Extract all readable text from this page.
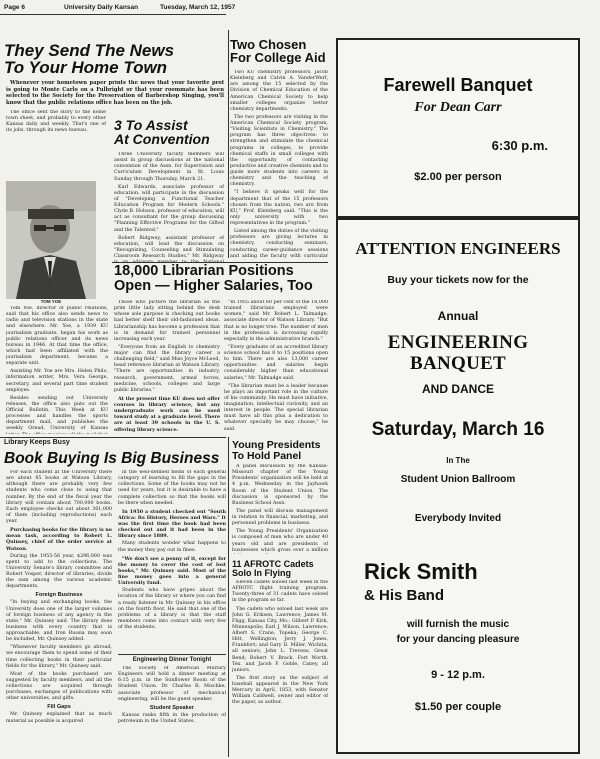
Page 6	University Daily Kansan	Tuesday, March 12, 1957
They Send The News
To Your Home Town

Whenever your hometown paper prints the news that your favorite prof is going to Monte Carlo on a Fulbright or that your roommate has been selected to the Society for the Preservation of Barbershop Singing, you'll know that the public relations office has been on the job.

The office sent the story to the home town sheet, and probably to every other Kansas daily and weekly. That's one of its jobs, through its news bureau.

TOM YOE

Tom Yoe, director of public relations, said that his office also sends news to radio and television stations in the state and elsewhere. Mr. Yoe, a 1939 KU journalism graduate, began his work as public relations officer and its news bureau in 1946. At that time the office, which had been affiliated with the journalism department, became a separate unit.

Assisting Mr. Yoe are Mrs. Helen Philo, information writer, Mrs. Vera George, secretary, and several part time student employes.

Besides sending out University releases, the office also puts out the Official Bulletin. This Week at KU processes and handles the sports department mail, and publishes the weekly Oread, University of Kansas

3 To Assist
At Convention

Three University faculty members will assist in group discussions at the national convention of the Assn. for Supervision and Curriculum Development in St. Louis Sunday through Thursday, March 21.

Karl Edwards, associate professor of education, will participate in the discussion of "Developing a Functional Teacher Education Program for Modern Schools." Clyde B. Hobson, professor of education, will act as consultant for the group discussing "Planning Effective Programs for the Gifted and the Talented."

Robert Ridgway, assistant professor of education, will lead the discussion on "Recognizing, Counseling and Stimulating Classroom Research Studies." Mr. Ridgway

Two Chosen
For College Aid

Two KU chemistry professors, Jacob Kleinberg and Calvin A. VanderWerf, are among the 15 selected by the Division of Chemical Education of the American Chemical Society to help smaller colleges organize better chemistry departments.

The two professors are visiting in the American Chemical Society program, "Visiting Scientists in Chemistry." The program has three objectives: to strengthen and stimulate the chemical programs in colleges, to provide chemical staffs in small colleges with the opportunity of contacting productive and creative chemists and to guide more students into careers in chemistry and the teaching of chemistry.

"I believe it speaks well for the department that of the 15 professors chosen from the nation, two are from KU," Prof. Kleinberg said. "This is the only university with two representatives in the program."

Listed among the duties of the visiting professors are giving lectures in chemistry, conducting seminars, conducting career-guidance sessions and aiding the faculty with curricular

18,000 Librarian Positions
Open — Higher Salaries, Too

Those who picture the librarian as the prim little lady sitting behind the desk whose sole purpose is checking out books had better shelf their old-fashioned ideas. Librarianship has become a profession that is in demand for trained personnel increasing each year.

"Everyone from an English to chemistry major can find the library career a challenging field," said Miss Joyce McLeod, head reference librarian at Watson Library. "There are opportunities in industry, research, government, armed forces, medicine, schools, colleges and large public libraries."

At the present time KU does not offer courses in library science, but any undergraduate work can be used toward study at a graduate level. There are at least 39 schools in the U. S. offering library science.

"In 1955 about 60 per cent of the 18,000 trained librarians employed were women," said Mr. Robert L. Talmadge, associate director of Watson Library. "But that is no longer true. The number of men in the profession is increasing rapidly especially in the administrative branch."

"Every graduate of an accredited library science school has 8 to 15 positions open to him. There are also 13,000 career opportunities and salaries begin considerably higher than educational salaries," Mr. Talmadge said.

"The librarian must be a leader because he plays an important role in the culture of his community. He must have initiative, imagination, intellectual curiosity, and an interest in people. The special librarian must have all this plus a dedication to whatever specialty he may choose," he said.

Library Keeps Busy
Book Buying Is Big Business

For each student at the University there are about 85 books at Watson Library, although there are probably very few students who come close to using that number. By the end of the fiscal year the library will contain about 700,000 books. Each employee checks out about 361,000 of them (including reproductions) each year.

Purchasing books for the library is no mean task, according to Robert L. Quinsey, chief of the order service at Watson.

During the 1955-56 year, $296,000 was spent to add to the collections. The University Senate's library committee and Robert Vosper, director of libraries, divide the sum among the various academic departments.

Foreign Business

"In buying and exchanging books, the University does one of the larger volumes of foreign business of any agency in the state," Mr. Quinsey said. The library does business with every country that is approachable, and Iron Russia may soon be included, Mr. Quinsey added.

"Whenever faculty members go abroad, we encourage them to spend some of their time collecting books in their particular fields for the library," Mr. Quinsey said.

Most of the books purchased are suggested by faculty members, and all the collections are acquired through purchases, exchanges of publications with other universities, and gifts.

Fill Gaps

Mr. Quinsey explained that as much material as possible is acquired

in the well-defined fields of each general category of learning to fill the gaps in the collections. Some of the books may not be used for years, but it is desirable to have a complete collection so that the books will be there when needed.

In 1950 a student checked out "South Africa: Its History, Heroes and Wars." It was the first time the book had been checked out and it had been in the library since 1889.

Many students wonder what happens to the money they pay out in fines.

"We don't see a penny of it, except for the money to cover the cost of lost books," Mr. Quinsey said. Most of the fine money goes into a general University fund.

Students who have gripes about the location of the library or where you can find a ready listener in Mr. Quinsey in his office on the fourth floor. He said that one of the problems of a library is that the staff members come into contact with very few of the students.

Engineering Dinner Tonight

The Society of American Military Engineers will hold a dinner meeting at 6:15 p.m. in the Sunflower Room of the Student Union. Dr. Charles B. Mischke, associate professor of mechanical engineering, will be the guest speaker.

Student Speaker

Kansas ranks fifth in the production of petroleum in the United States.

Young Presidents
To Hold Panel

A panel discussion by the Kansas-Missouri chapter of the Young Presidents' organization will be held at 4 p.m. Wednesday in the Jayhawk Room of the Student Union. The discussion is sponsored by the Business School Assn.

The panel will discuss management in relation to financial, marketing, and personnel problems in business.

The Young Presidents' Organization is composed of men who are under 40 years old and are presidents of businesses which gross over a million

11 AFROTC Cadets
Solo In Flying

Eleven cadets soloed last week in the AFROTC flight training program. Twenty-three of 31 cadets have soloed in the program so far.

The cadets who soloed last week are John G. Eriksen, Lawrence; James M. Fligg, Kansas City, Mo.; Gilbert P. Kirk, Minneapolis; Earl J. Wilson, Lawrence; Albert S. Crane, Topeka; George C. Hitt, Wellington; Jerry J. Jones, Frankfort; and Gary D. Miller, Wichita, all seniors; John L. Trevens, Great Bend; Robert V. Brack, Fort Worth, Tex. and Jacob F. Goble, Caney, all juniors.

The first story on the subject of baseball appeared in the New York Mercury in April, 1853, with Senator William Caldwell, owner and editor of the paper, as author.

Farewell Banquet
For Dean Carr
6:30 p.m.
$2.00 per person
ATTENTION ENGINEERS
Buy your tickets now for the
Annual
ENGINEERING BANQUET
AND DANCE
Saturday, March 16
In The
Student Union Ballroom
Everybody Invited
Rick Smith
& His Band
will furnish the music
for your dancing pleasure
9 - 12 p.m.
$1.50 per couple
